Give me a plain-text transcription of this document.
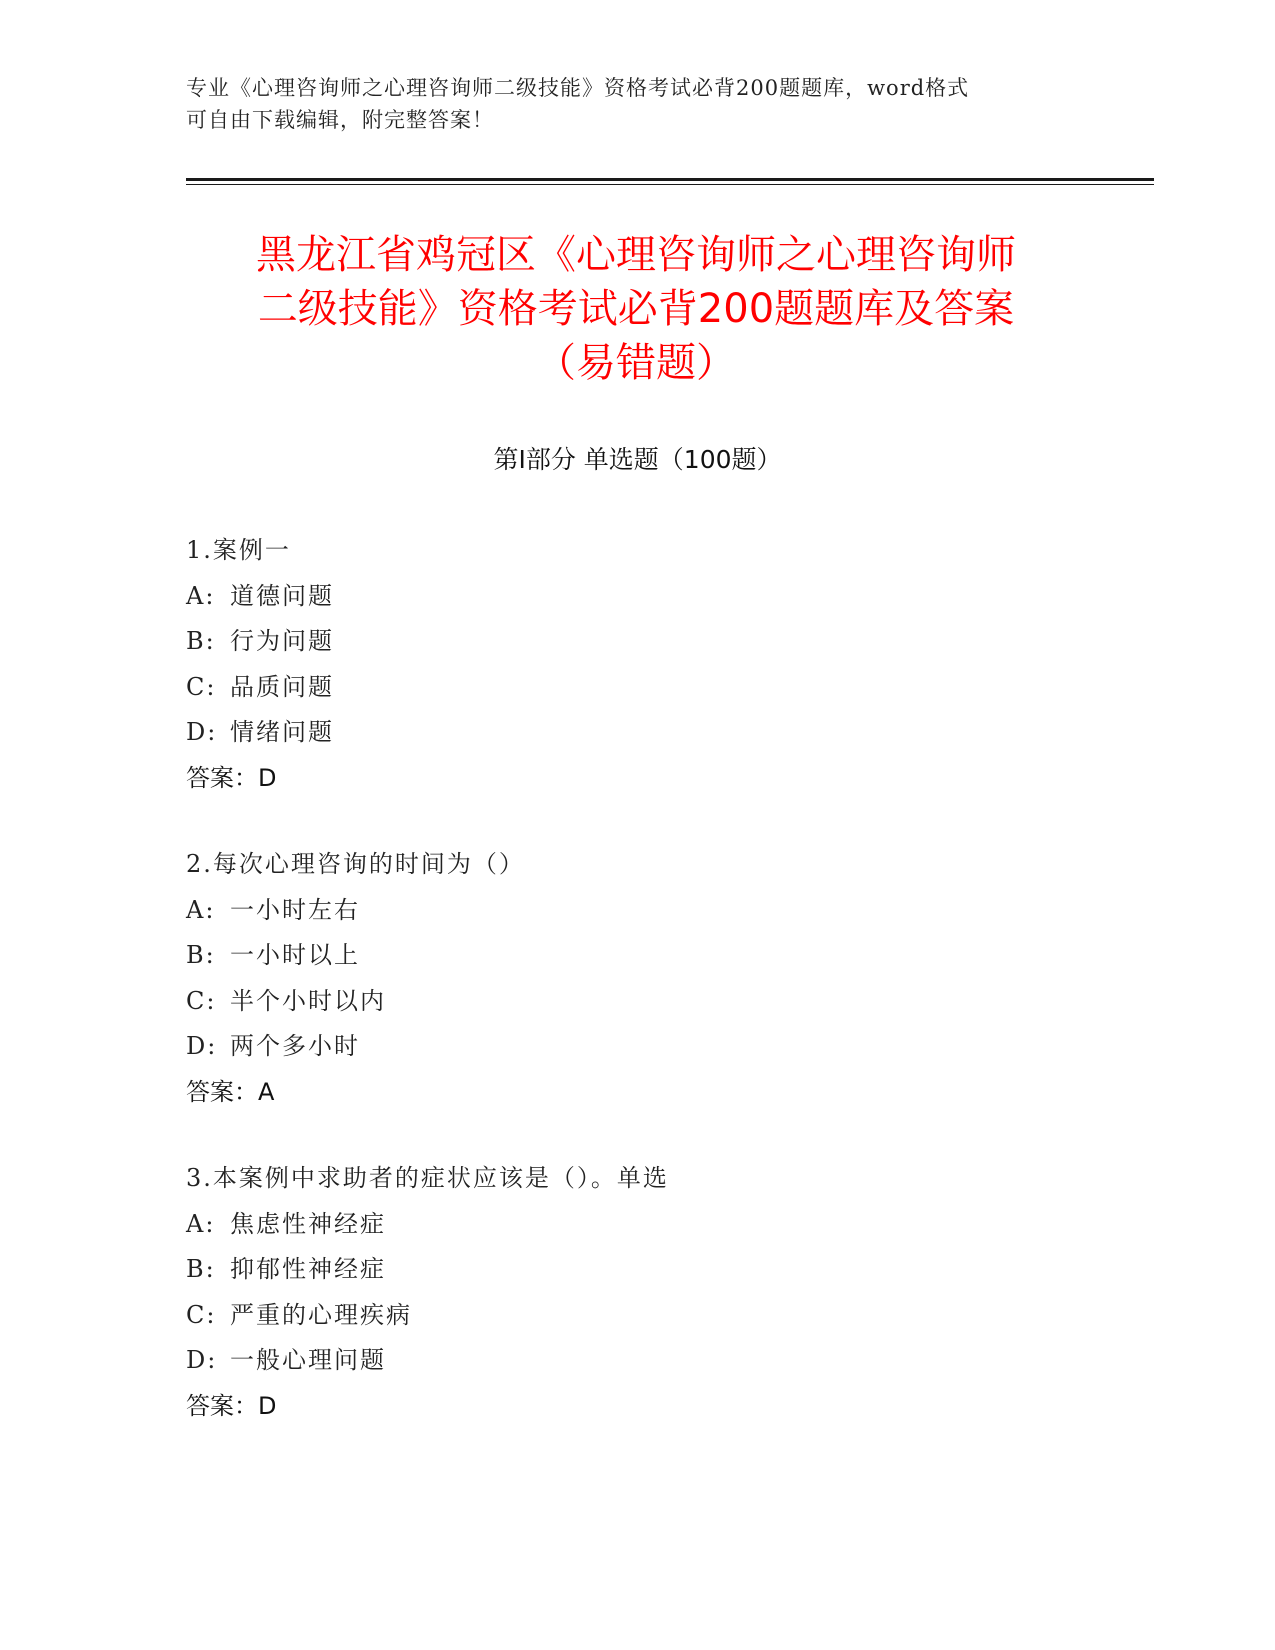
专业《心理咨询师之心理咨询师二级技能》资格考试必背200题题库，word格式
可自由下载编辑，附完整答案！
黑龙江省鸡冠区《心理咨询师之心理咨询师
二级技能》资格考试必背200题题库及答案
（易错题）
第Ⅰ部分 单选题（100题）
1.案例一
A: 道德问题
B: 行为问题
C: 品质问题
D: 情绪问题
答案：D
2.每次心理咨询的时间为（）
A: 一小时左右
B: 一小时以上
C: 半个小时以内
D: 两个多小时
答案：A
3.本案例中求助者的症状应该是（）。单选
A: 焦虑性神经症
B: 抑郁性神经症
C: 严重的心理疾病
D: 一般心理问题
答案：D
